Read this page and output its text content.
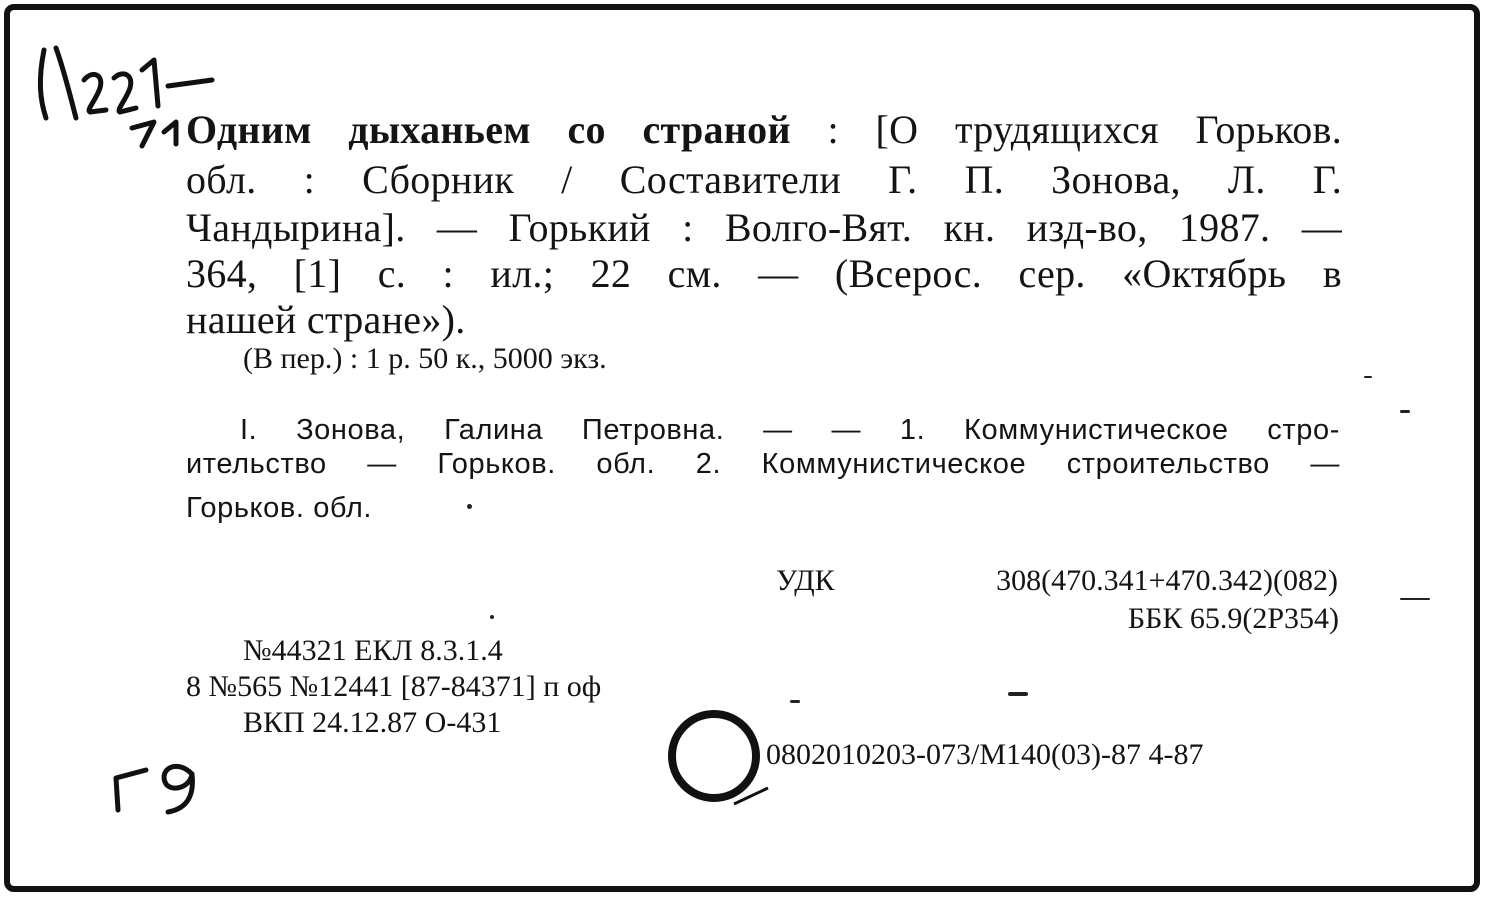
Одним дыханьем со страной : [О трудящихся Горьков.
обл. : Сборник / Составители Г. П. Зонова, Л. Г.
Чандырина]. — Горький : Волго-Вят. кн. изд-во, 1987. —
364, [1] с. : ил.; 22 см. — (Всерос. сер. «Октябрь в
нашей стране»).
(В пер.) : 1 р. 50 к., 5000 экз.
I. Зонова, Галина Петровна. — — 1. Коммунистическое стро-
ительство — Горьков. обл. 2. Коммунистическое строительство —
Горьков. обл.
УДК 308(470.341+470.342)(082)
ББК 65.9(2Р354)
№44321 ЕКЛ 8.3.1.4
8 №565 №12441 [87-84371] п оф
ВКП 24.12.87 О-431
0802010203-073/М140(03)-87 4-87
